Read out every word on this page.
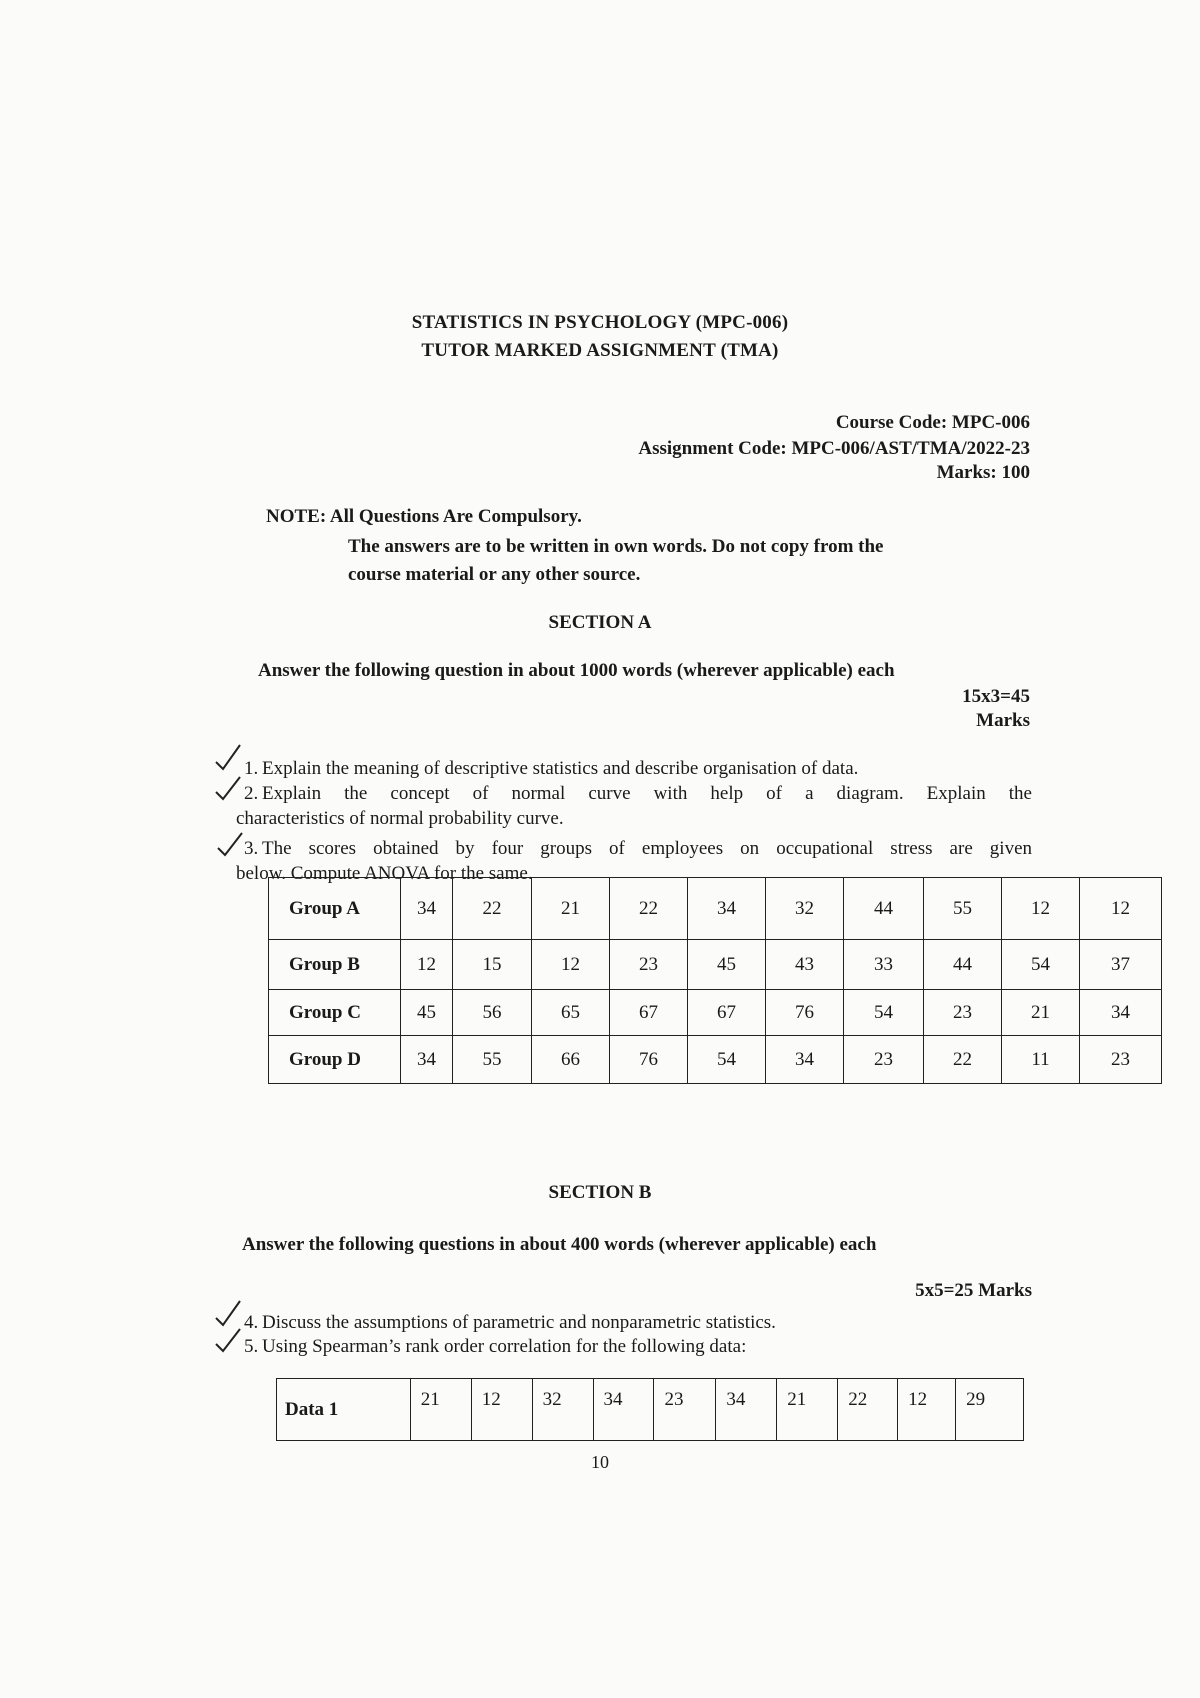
STATISTICS IN PSYCHOLOGY (MPC-006)
TUTOR MARKED ASSIGNMENT (TMA)
Course Code: MPC-006
Assignment Code: MPC-006/AST/TMA/2022-23
Marks: 100
NOTE: All Questions Are Compulsory.
The answers are to be written in own words. Do not copy from the
course material or any other source.
SECTION A
Answer the following question in about 1000 words (wherever applicable) each
15x3=45
Marks
1. Explain the meaning of descriptive statistics and describe organisation of data.
2. Explain the concept of normal curve with help of a diagram. Explain the
characteristics of normal probability curve.
3. The scores obtained by four groups of employees on occupational stress are given
below. Compute ANOVA for the same.
Group A	34	22	21	22	34	32	44	55	12	12
Group B	12	15	12	23	45	43	33	44	54	37
Group C	45	56	65	67	67	76	54	23	21	34
Group D	34	55	66	76	54	34	23	22	11	23
SECTION B
Answer the following questions in about 400 words (wherever applicable) each
5x5=25 Marks
4. Discuss the assumptions of parametric and nonparametric statistics.
5. Using Spearman’s rank order correlation for the following data:
Data 1	21	12	32	34	23	34	21	22	12	29
10
